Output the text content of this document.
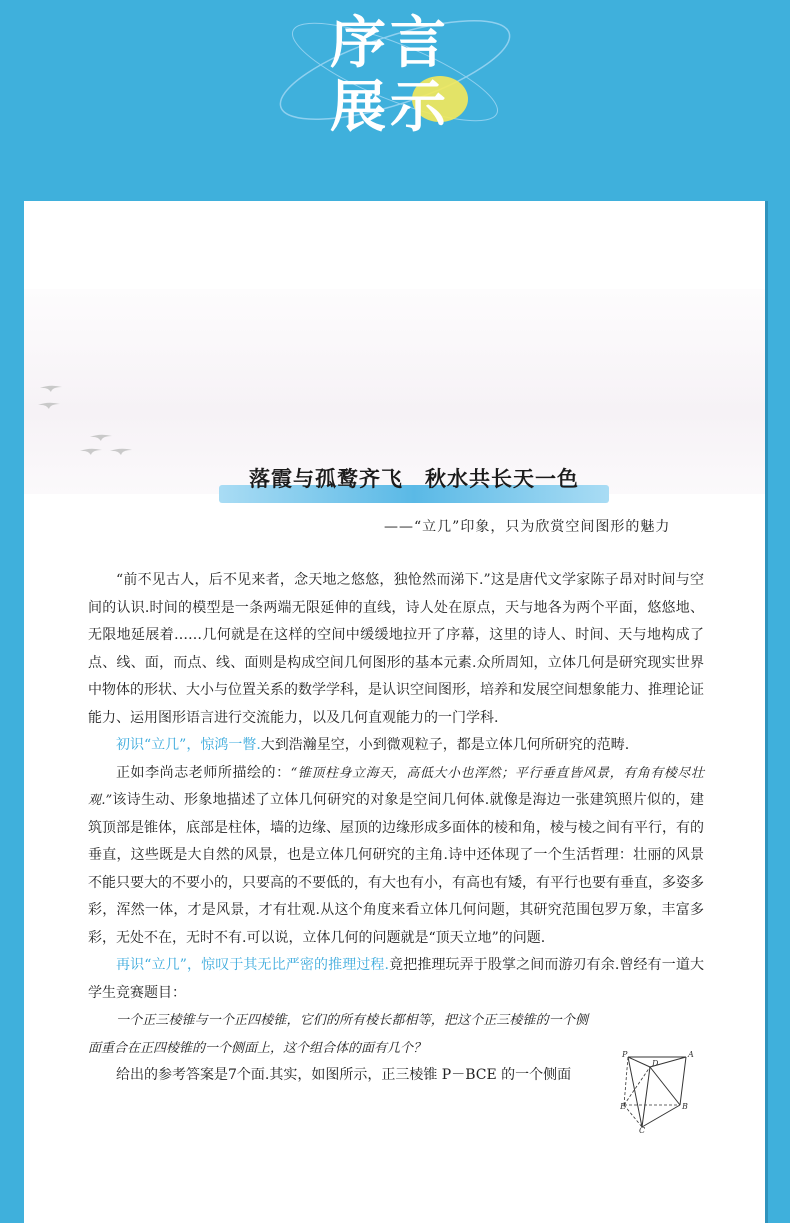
序言
展示
落霞与孤鹜齐飞　秋水共长天一色
——“立几”印象，只为欣赏空间图形的魅力

“前不见古人，后不见来者，念天地之悠悠，独怆然而涕下.”这是唐代文学家陈子昂对时间与空间的认识.时间的模型是一条两端无限延伸的直线，诗人处在原点，天与地各为两个平面，悠悠地、无限地延展着……几何就是在这样的空间中缓缓地拉开了序幕，这里的诗人、时间、天与地构成了点、线、面，而点、线、面则是构成空间几何图形的基本元素.众所周知，立体几何是研究现实世界中物体的形状、大小与位置关系的数学学科，是认识空间图形，培养和发展空间想象能力、推理论证能力、运用图形语言进行交流能力，以及几何直观能力的一门学科.

初识“立几”，惊鸿一瞥.大到浩瀚星空，小到微观粒子，都是立体几何所研究的范畴.

正如李尚志老师所描绘的：“锥顶柱身立海天，高低大小也浑然；平行垂直皆风景，有角有棱尽壮观.”该诗生动、形象地描述了立体几何研究的对象是空间几何体.就像是海边一张建筑照片似的，建筑顶部是锥体，底部是柱体，墙的边缘、屋顶的边缘形成多面体的棱和角，棱与棱之间有平行，有的垂直，这些既是大自然的风景，也是立体几何研究的主角.诗中还体现了一个生活哲理：壮丽的风景不能只要大的不要小的，只要高的不要低的，有大也有小，有高也有矮，有平行也要有垂直，多姿多彩，浑然一体，才是风景，才有壮观.从这个角度来看立体几何问题，其研究范围包罗万象，丰富多彩，无处不在，无时不有.可以说，立体几何的问题就是“顶天立地”的问题.

再识“立几”，惊叹于其无比严密的推理过程.竟把推理玩弄于股掌之间而游刃有余.曾经有一道大学生竞赛题目：

一个正三棱锥与一个正四棱锥，它们的所有棱长都相等，把这个正三棱锥的一个侧面重合在正四棱锥的一个侧面上，这个组合体的面有几个？

给出的参考答案是7个面.其实，如图所示，正三棱锥 P－BCE 的一个侧面

P	A
D
E	B
C
